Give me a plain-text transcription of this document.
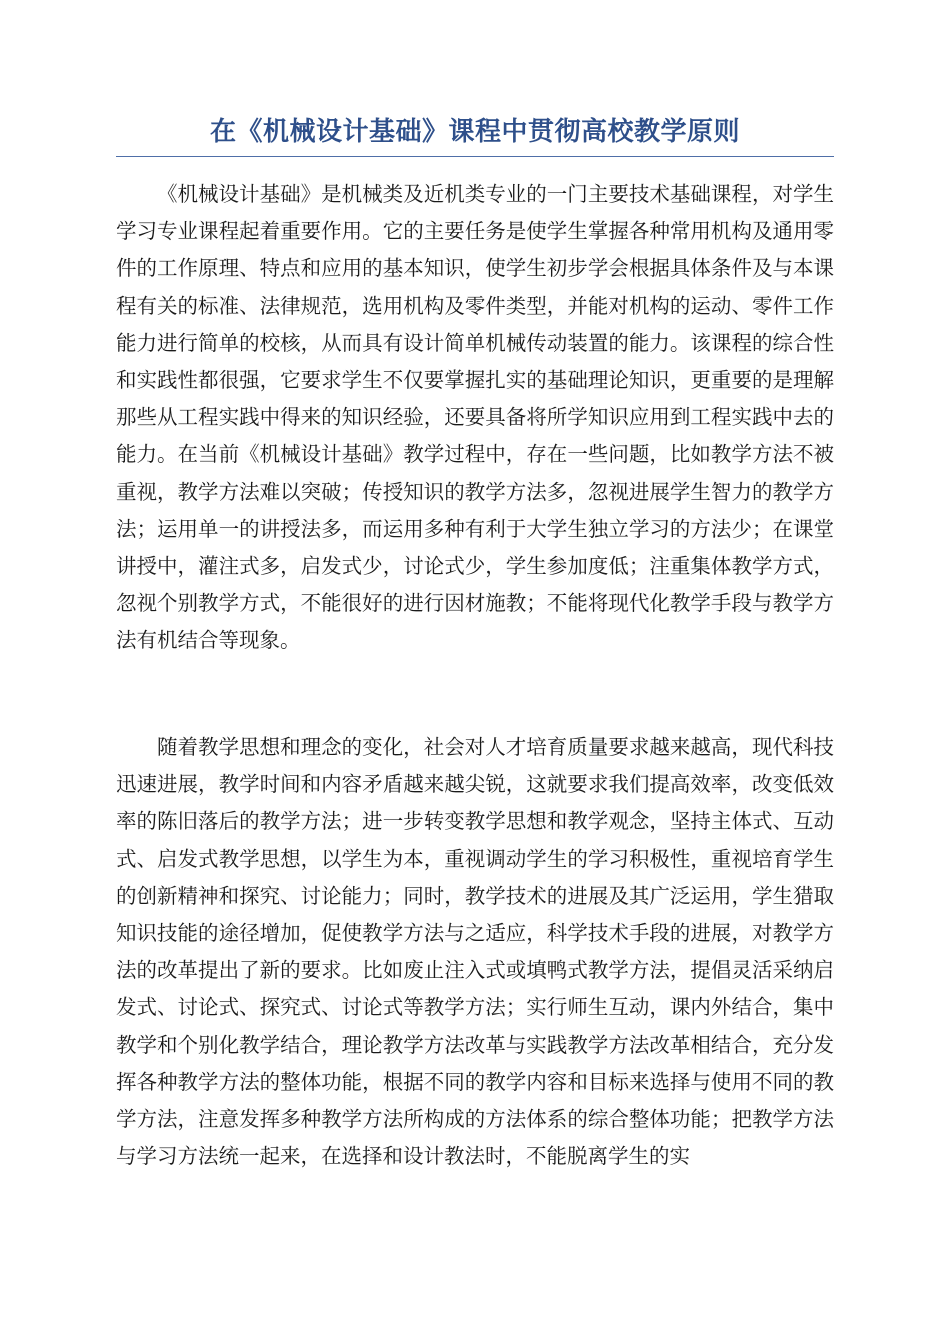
在《机械设计基础》课程中贯彻高校教学原则

《机械设计基础》是机械类及近机类专业的一门主要技术基础课程，对学生学习专业课程起着重要作用。它的主要任务是使学生掌握各种常用机构及通用零件的工作原理、特点和应用的基本知识，使学生初步学会根据具体条件及与本课程有关的标准、法律规范，选用机构及零件类型，并能对机构的运动、零件工作能力进行简单的校核，从而具有设计简单机械传动装置的能力。该课程的综合性和实践性都很强，它要求学生不仅要掌握扎实的基础理论知识，更重要的是理解那些从工程实践中得来的知识经验，还要具备将所学知识应用到工程实践中去的能力。在当前《机械设计基础》教学过程中，存在一些问题，比如教学方法不被重视，教学方法难以突破；传授知识的教学方法多，忽视进展学生智力的教学方法；运用单一的讲授法多，而运用多种有利于大学生独立学习的方法少；在课堂讲授中，灌注式多，启发式少，讨论式少，学生参加度低；注重集体教学方式，忽视个别教学方式，不能很好的进行因材施教；不能将现代化教学手段与教学方法有机结合等现象。

随着教学思想和理念的变化，社会对人才培育质量要求越来越高，现代科技迅速进展，教学时间和内容矛盾越来越尖锐，这就要求我们提高效率，改变低效率的陈旧落后的教学方法；进一步转变教学思想和教学观念，坚持主体式、互动式、启发式教学思想，以学生为本，重视调动学生的学习积极性，重视培育学生的创新精神和探究、讨论能力；同时，教学技术的进展及其广泛运用，学生猎取知识技能的途径增加，促使教学方法与之适应，科学技术手段的进展，对教学方法的改革提出了新的要求。比如废止注入式或填鸭式教学方法，提倡灵活采纳启发式、讨论式、探究式、讨论式等教学方法；实行师生互动，课内外结合，集中教学和个别化教学结合，理论教学方法改革与实践教学方法改革相结合，充分发挥各种教学方法的整体功能，根据不同的教学内容和目标来选择与使用不同的教学方法，注意发挥多种教学方法所构成的方法体系的综合整体功能；把教学方法与学习方法统一起来，在选择和设计教法时，不能脱离学生的实
